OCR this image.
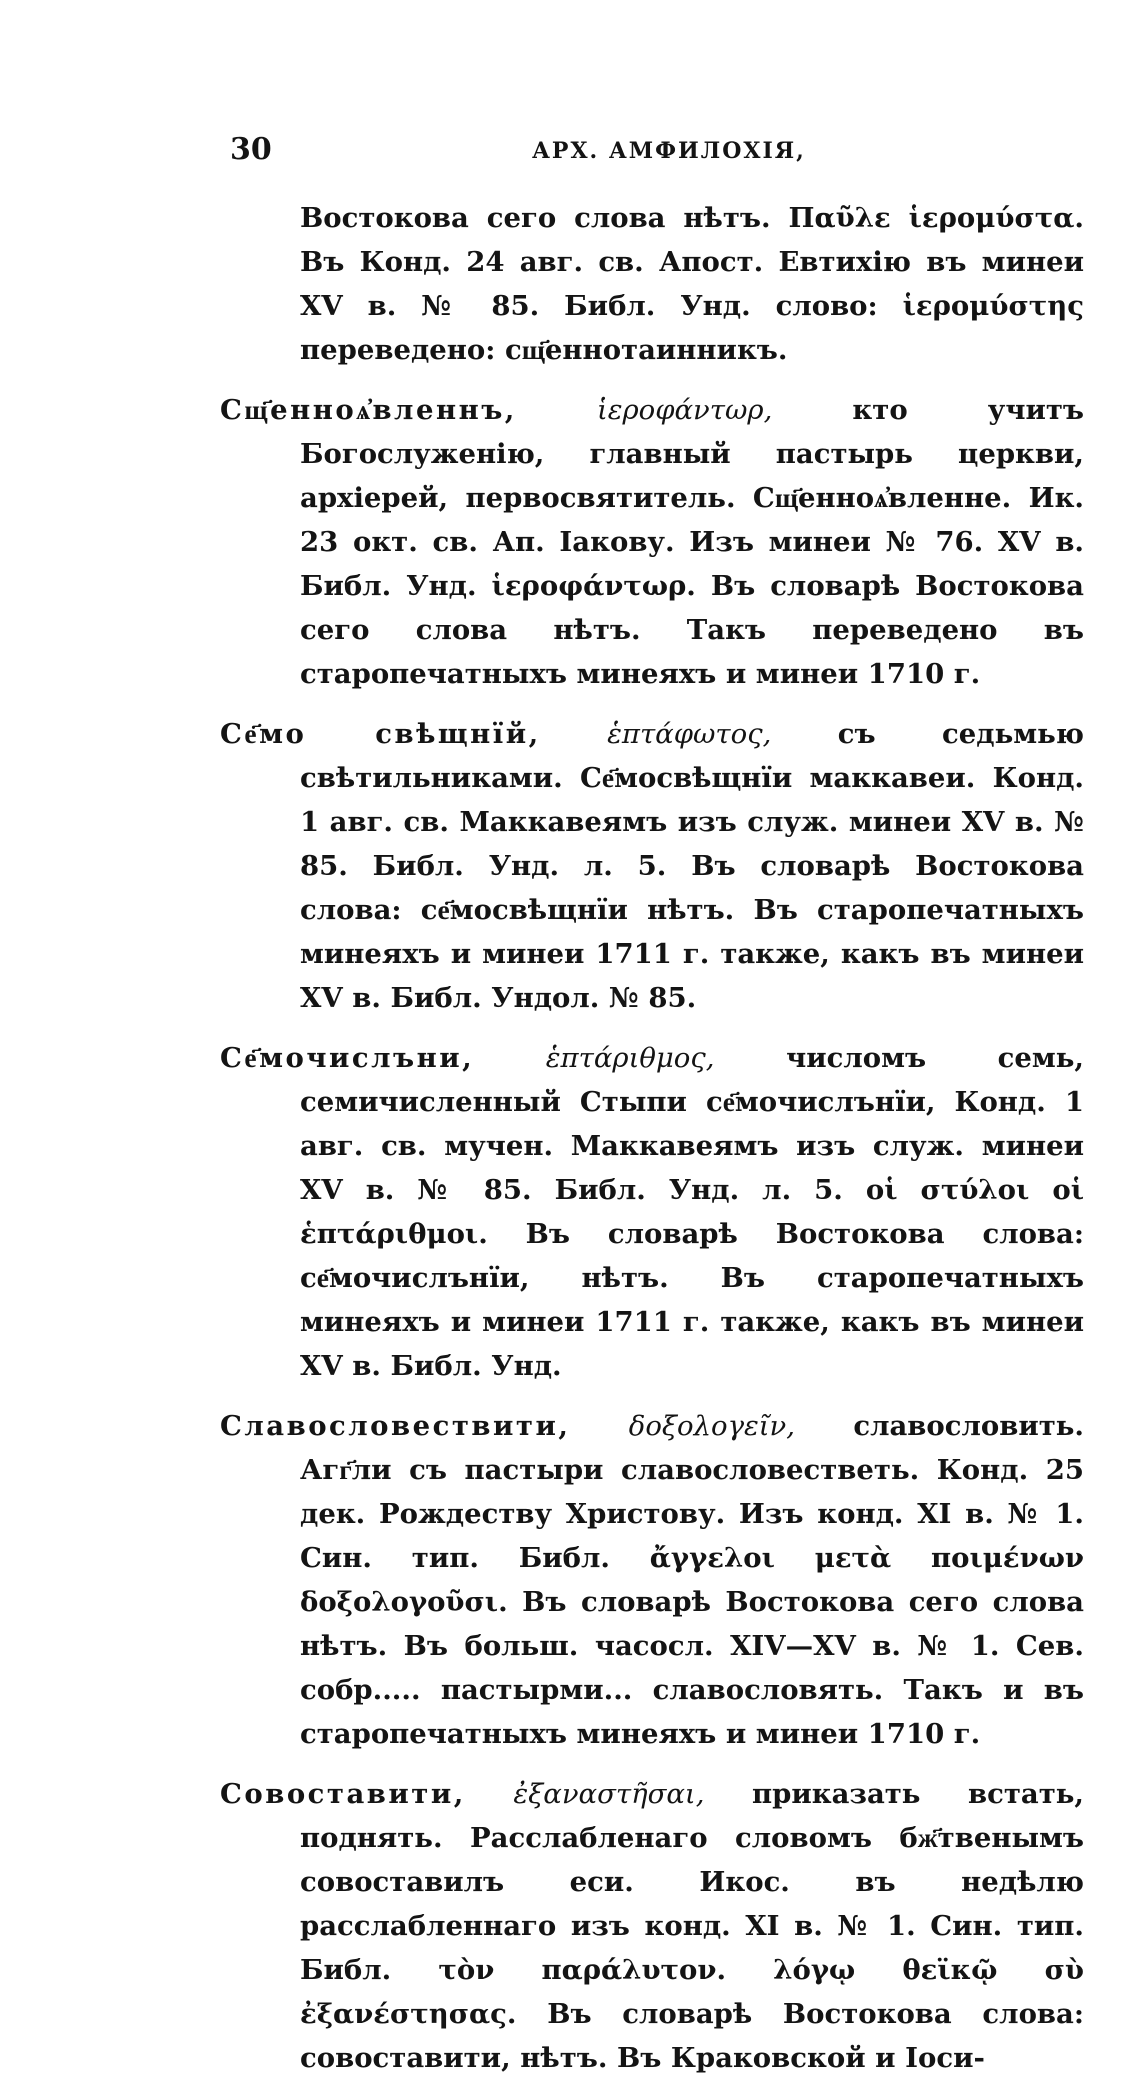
30	АРХ. АМФИЛОХІЯ,

Востокова сего слова нѣтъ. Παῦλε ἱερομύστα. Въ Конд. 24 авг. св. Апост. Евтихію въ минеи XV в. № 85. Библ. Унд. слово: ἱερομύστης переведено: сщ҃еннотаинникъ.

Сщ҃енноѧ҆вленнъ,	ἱεροφάντωρ,	кто учитъ Богослуженію, главный пастырь церкви, архіерей, первосвятитель. Сщ҃енноѧ҆вленне. Ик. 23 окт. св. Ап. Іакову. Изъ минеи № 76. XV в. Библ. Унд. ἱεροφάντωρ. Въ словарѣ Востокова сего слова нѣтъ. Такъ переведено въ старопечатныхъ минеяхъ и минеи 1710 г.

Се҃мо свѣщнїй, ἑπτάφωτος, съ седьмью свѣтильниками. Се҃мосвѣщнїи маккавеи. Конд. 1 авг. св. Маккавеямъ изъ служ. минеи XV в. № 85. Библ. Унд. л. 5. Въ словарѣ Востокова слова: се҃мосвѣщнїи нѣтъ. Въ старопечатныхъ минеяхъ и минеи 1711 г. также, какъ въ минеи XV в. Библ. Ундол. № 85.

Се҃мочислъни,	ἑπτάριθμος,	числомъ семь, семичисленный Стыпи се҃мочислънїи, Конд. 1 авг. св. мучен. Маккавеямъ изъ служ. минеи XV в. № 85. Библ. Унд. л. 5. οἱ στύλοι οἱ ἑπτάριθμοι. Въ словарѣ Востокова слова: се҃мочислънїи, нѣтъ. Въ старопечатныхъ минеяхъ и минеи 1711 г. также, какъ въ минеи XV в. Библ. Унд.

Славословествити, δοξολογεῖν, славословить. Агг҃ли съ пастыри славословестветь. Конд. 25 дек. Рождеству Христову. Изъ конд. XI в. № 1. Син. тип. Библ. ἄγγελοι μετὰ ποιμένων δοξολογοῦσι. Въ словарѣ Востокова сего слова нѣтъ. Въ больш. часосл. XIV—XV в. № 1. Сев. собр..... пастырми... славословять. Такъ и въ старопечатныхъ минеяхъ и минеи 1710 г.

Совоставити, ἐξαναστῆσαι, приказать встать, поднять. Расслабленаго словомъ бж҃твенымъ совоставилъ еси. Икос. въ недѣлю расслабленнаго изъ конд. XI в. № 1. Син. тип. Библ. τὸν παράλυτον. λόγῳ θεϊκῷ σὺ ἐξανέστησας. Въ словарѣ Востокова слова: совоставити, нѣтъ. Въ Краковской и Іоси-
